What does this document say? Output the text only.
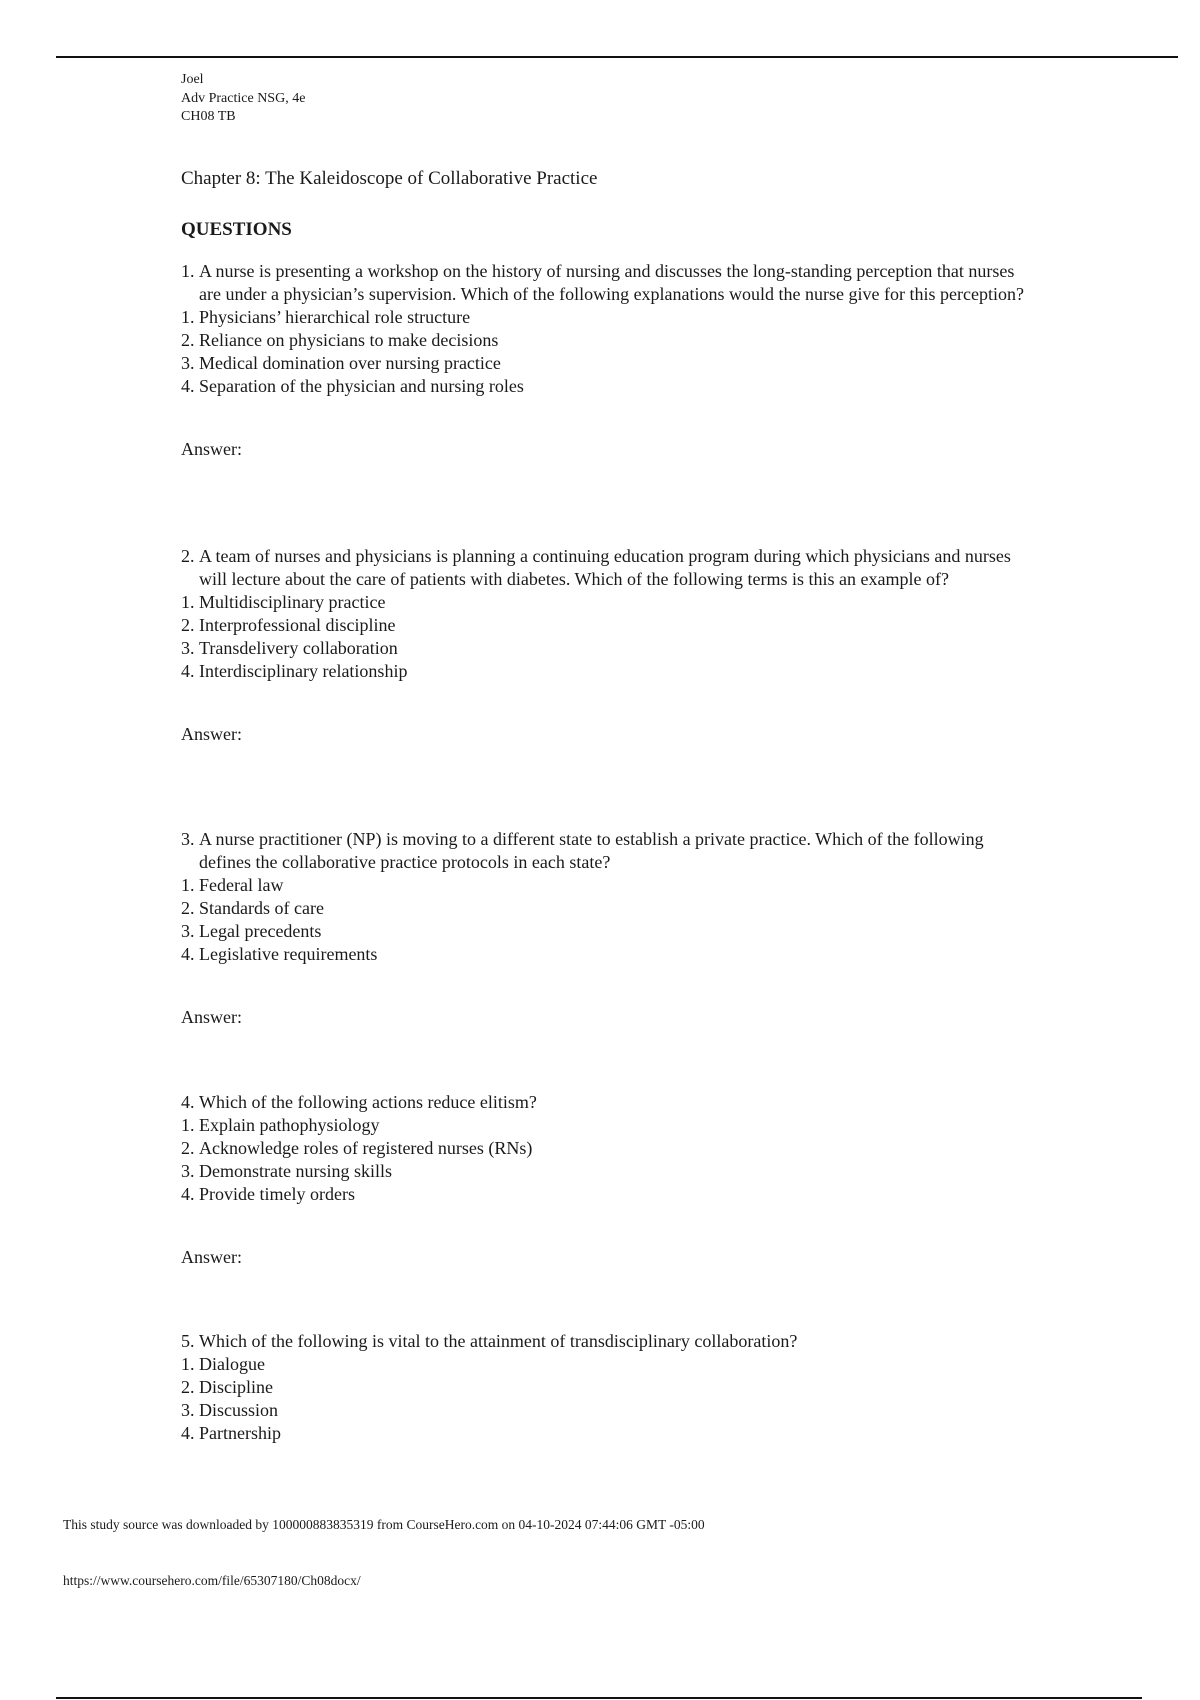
Joel
Adv Practice NSG, 4e
CH08 TB
Chapter 8: The Kaleidoscope of Collaborative Practice
QUESTIONS
1. A nurse is presenting a workshop on the history of nursing and discusses the long-standing perception that nurses are under a physician’s supervision. Which of the following explanations would the nurse give for this perception?
1. Physicians’ hierarchical role structure
2. Reliance on physicians to make decisions
3. Medical domination over nursing practice
4. Separation of the physician and nursing roles
Answer:
2. A team of nurses and physicians is planning a continuing education program during which physicians and nurses will lecture about the care of patients with diabetes. Which of the following terms is this an example of?
1. Multidisciplinary practice
2. Interprofessional discipline
3. Transdelivery collaboration
4. Interdisciplinary relationship
Answer:
3. A nurse practitioner (NP) is moving to a different state to establish a private practice. Which of the following defines the collaborative practice protocols in each state?
1. Federal law
2. Standards of care
3. Legal precedents
4. Legislative requirements
Answer:
4. Which of the following actions reduce elitism?
1. Explain pathophysiology
2. Acknowledge roles of registered nurses (RNs)
3. Demonstrate nursing skills
4. Provide timely orders
Answer:
5. Which of the following is vital to the attainment of transdisciplinary collaboration?
1. Dialogue
2. Discipline
3. Discussion
4. Partnership
This study source was downloaded by 100000883835319 from CourseHero.com on 04-10-2024 07:44:06 GMT -05:00
https://www.coursehero.com/file/65307180/Ch08docx/
